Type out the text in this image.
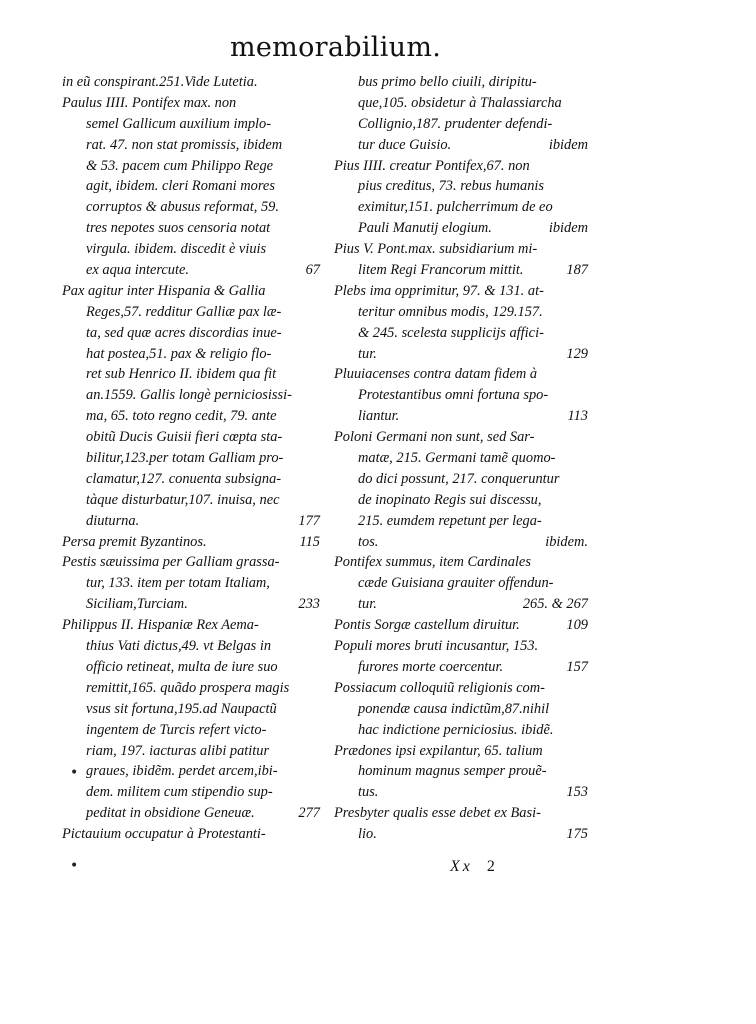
memorabilium.
in eũ conspirant.251.Vide Lutetia.
Paulus IIII. Pontifex max. non
semel Gallicum auxilium implo-
rat. 47. non stat promissis, ibidem
& 53. pacem cum Philippo Rege
agit, ibidem. cleri Romani mores
corruptos & abusus reformat, 59.
tres nepotes suos censoria notat
virgula. ibidem. discedit è viuis
ex aqua intercute.	67
Pax agitur inter Hispania & Gallia
Reges,57. redditur Galliæ pax læ-
ta, sed quæ acres discordias inue-
hat postea,51. pax & religio flo-
ret sub Henrico II. ibidem qua fit
an.1559. Gallis longè perniciosissi-
ma, 65. toto regno cedit, 79. ante
obitũ Ducis Guisii fieri cœpta sta-
bilitur,123.per totam Galliam pro-
clamatur,127. conuenta subsigna-
tàque disturbatur,107. inuisa, nec
diuturna.	177
Persa premit Byzantinos.	115
Pestis sæuissima per Galliam grassa-
tur, 133. item per totam Italiam,
Siciliam,Turciam.	233
Philippus II. Hispaniæ Rex Aema-
thius Vati dictus,49. vt Belgas in
officio retineat, multa de iure suo
remittit,165. quãdo prospera magis
vsus sit fortuna,195.ad Naupactũ
ingentem de Turcis refert victo-
riam, 197. iacturas alibi patitur
graues, ibidẽm. perdet arcem,ibi-
dem. militem cum stipendio sup-
peditat in obsidione Geneuæ.	277
Pictauium occupatur à Protestanti-
bus primo bello ciuili, diripitu-
que,105. obsidetur à Thalassiarcha
Collignio,187. prudenter defendi-
tur duce Guisio.	ibidem
Pius IIII. creatur Pontifex,67. non
pius creditus, 73. rebus humanis
eximitur,151. pulcherrimum de eo
Pauli Manutij elogium.	ibidem
Pius V. Pont.max. subsidiarium mi-
litem Regi Francorum mittit.	187
Plebs ima opprimitur, 97. & 131. at-
teritur omnibus modis, 129.157.
& 245. scelesta supplicijs affici-
tur.	129
Pluuiacenses contra datam fidem à
Protestantibus omni fortuna spo-
liantur.	113
Poloni Germani non sunt, sed Sar-
matæ, 215. Germani tamẽ quomo-
do dici possunt, 217. conqueruntur
de inopinato Regis sui discessu,
215. eumdem repetunt per lega-
tos.	ibidem.
Pontifex summus, item Cardinales
cæde Guisiana grauiter offendun-
tur.	265. & 267
Pontis Sorgæ castellum diruitur.	109
Populi mores bruti incusantur, 153.
furores morte coercentur.	157
Possiacum colloquiũ religionis com-
ponendæ causa indictũm,87.nihil
hac indictione perniciosius. ibidẽ.
Prædones ipsi expilantur, 65. talium
hominum magnus semper prouẽ-
tus.	153
Presbyter qualis esse debet ex Basi-
lio.	175
•
•	Xx 2
